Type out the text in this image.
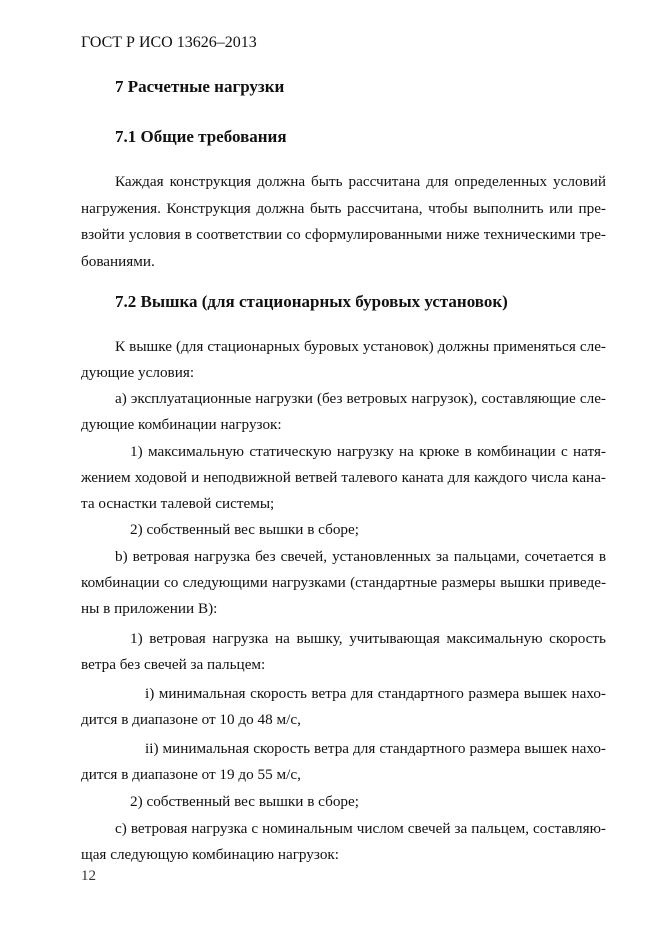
ГОСТ Р ИСО 13626–2013
7 Расчетные нагрузки
7.1 Общие требования
Каждая конструкция должна быть рассчитана для определенных условий
нагружения. Конструкция должна быть рассчитана, чтобы выполнить или пре-
взойти условия в соответствии со сформулированными ниже техническими тре-
бованиями.
7.2 Вышка (для стационарных буровых установок)
К вышке (для стационарных буровых установок) должны применяться сле-
дующие условия:
а) эксплуатационные нагрузки (без ветровых нагрузок), составляющие сле-
дующие комбинации нагрузок:
1) максимальную статическую нагрузку на крюке в комбинации с натя-
жением ходовой и неподвижной ветвей талевого каната для каждого числа кана-
та оснастки талевой системы;
2) собственный вес вышки в сборе;
b) ветровая нагрузка без свечей, установленных за пальцами, сочетается в
комбинации со следующими нагрузками (стандартные размеры вышки приведе-
ны в приложении В):
1) ветровая нагрузка на вышку, учитывающая максимальную скорость
ветра без свечей за пальцем:
i) минимальная скорость ветра для стандартного размера вышек нахо-
дится в диапазоне от 10 до 48 м/с,
ii) минимальная скорость ветра для стандартного размера вышек нахо-
дится в диапазоне от 19 до 55 м/с,
2) собственный вес вышки в сборе;
с) ветровая нагрузка с номинальным числом свечей за пальцем, составляю-
щая следующую комбинацию нагрузок:
12
